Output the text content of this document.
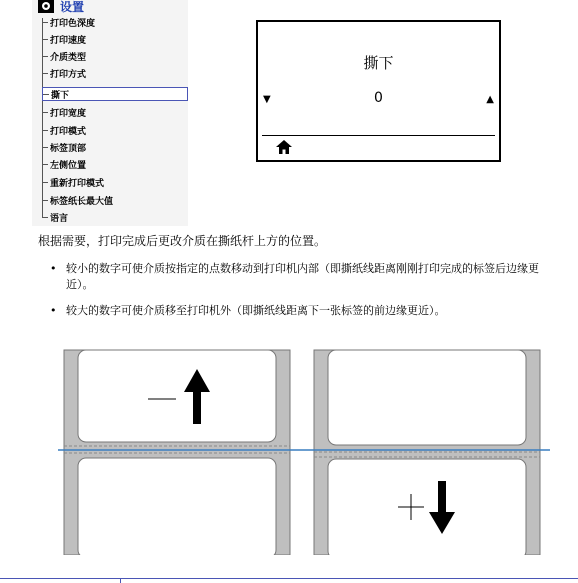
设置
打印色深度
打印速度
介质类型
打印方式
撕下
打印宽度
打印模式
标签顶部
左侧位置
重新打印模式
标签纸长最大值
语言
撕下
▼	0	▲
根据需要，打印完成后更改介质在撕纸杆上方的位置。
• 较小的数字可使介质按指定的点数移动到打印机内部（即撕纸线距离刚刚打印完成的标签后边缘更近）。
• 较大的数字可使介质移至打印机外（即撕纸线距离下一张标签的前边缘更近）。
